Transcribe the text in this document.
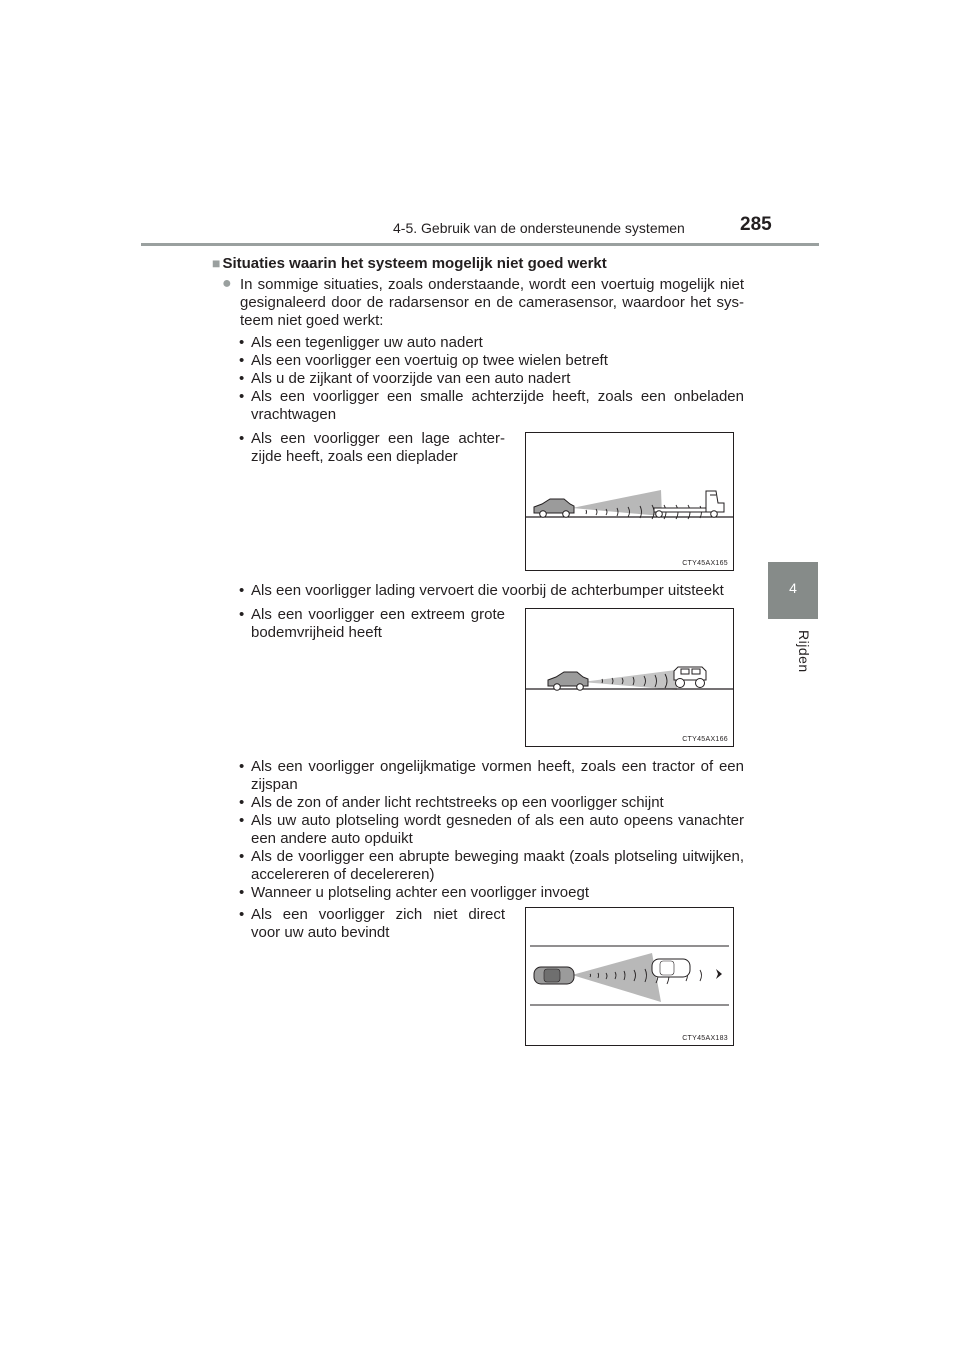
4-5. Gebruik van de ondersteunende systemen	285
4
Rijden
■ Situaties waarin het systeem mogelijk niet goed werkt
● In sommige situaties, zoals onderstaande, wordt een voertuig mogelijk niet
gesignaleerd door de radarsensor en de camerasensor, waardoor het sys-
teem niet goed werkt:
• Als een tegenligger uw auto nadert
• Als een voorligger een voertuig op twee wielen betreft
• Als u de zijkant of voorzijde van een auto nadert
• Als een voorligger een smalle achterzijde heeft, zoals een onbeladen
vrachtwagen
• Als een voorligger een lage achter-
zijde heeft, zoals een dieplader
CTY45AX165
• Als een voorligger lading vervoert die voorbij de achterbumper uitsteekt
• Als een voorligger een extreem grote
bodemvrijheid heeft
CTY45AX166
• Als een voorligger ongelijkmatige vormen heeft, zoals een tractor of een
zijspan
• Als de zon of ander licht rechtstreeks op een voorligger schijnt
• Als uw auto plotseling wordt gesneden of als een auto opeens vanachter
een andere auto opduikt
• Als de voorligger een abrupte beweging maakt (zoals plotseling uitwijken,
accelereren of decelereren)
• Wanneer u plotseling achter een voorligger invoegt
• Als een voorligger zich niet direct
voor uw auto bevindt
CTY45AX183
